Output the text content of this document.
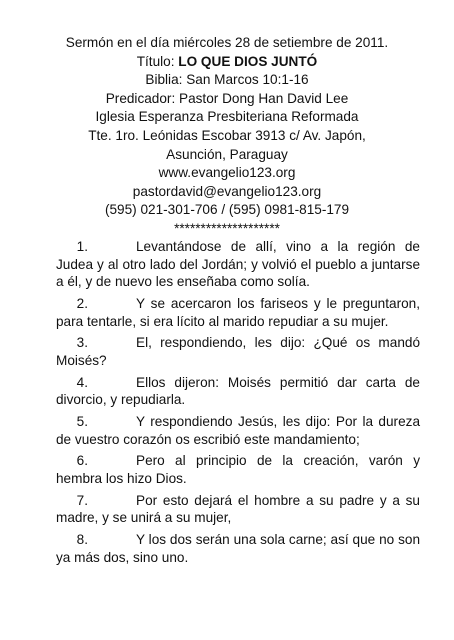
Sermón en el día miércoles 28 de setiembre de 2011.
Título: LO QUE DIOS JUNTÓ
Biblia: San Marcos 10:1-16
Predicador: Pastor Dong Han David Lee
Iglesia Esperanza Presbiteriana Reformada
Tte. 1ro. Leónidas Escobar 3913 c/ Av. Japón,
Asunción, Paraguay
www.evangelio123.org
pastordavid@evangelio123.org
(595) 021-301-706 / (595) 0981-815-179
********************

1.	Levantándose de allí, vino a la región de Judea y al otro lado del Jordán; y volvió el pueblo a juntarse a él, y de nuevo les enseñaba como solía.

2.	Y se acercaron los fariseos y le preguntaron, para tentarle, si era lícito al marido repudiar a su mujer.

3.	El, respondiendo, les dijo: ¿Qué os mandó Moisés?

4.	Ellos dijeron: Moisés permitió dar carta de divorcio, y repudiarla.

5.	Y respondiendo Jesús, les dijo: Por la dureza de vuestro corazón os escribió este mandamiento;

6.	Pero al principio de la creación, varón y hembra los hizo Dios.

7.	Por esto dejará el hombre a su padre y a su madre, y se unirá a su mujer,

8.	Y los dos serán una sola carne; así que no son ya más dos, sino uno.
